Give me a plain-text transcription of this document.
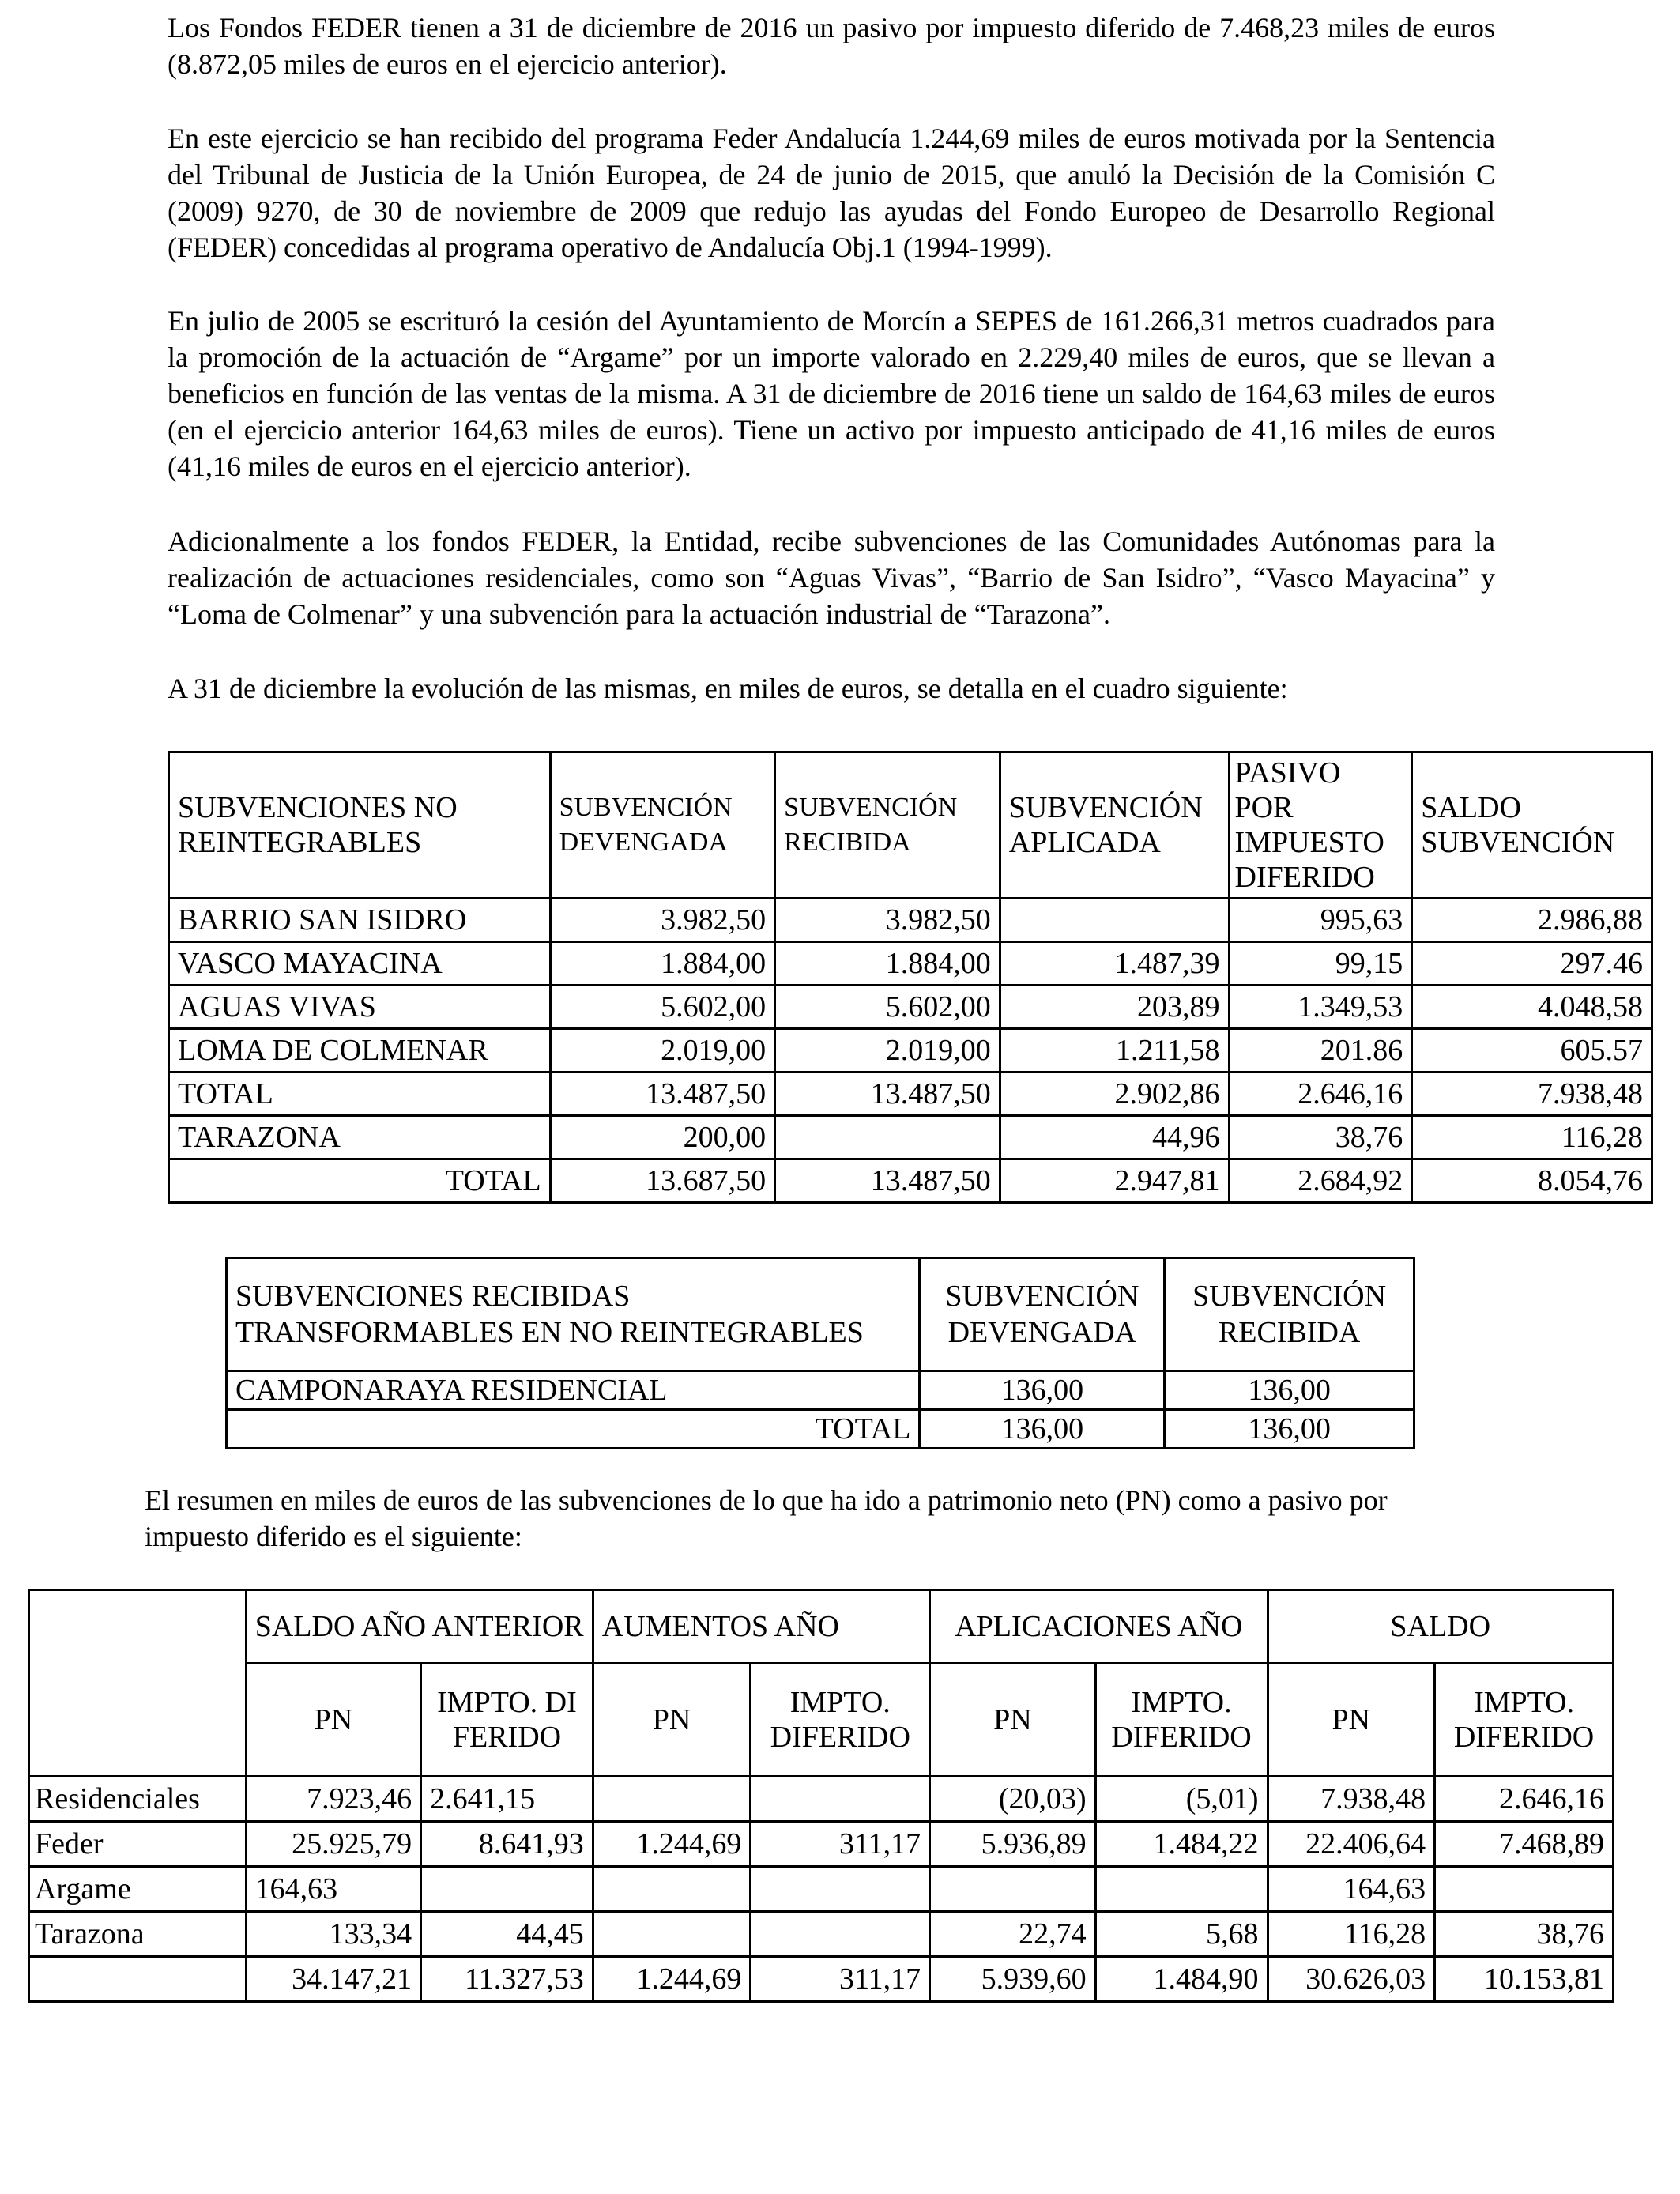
Los Fondos FEDER tienen a 31 de diciembre de 2016 un pasivo por impuesto diferido de 7.468,23 miles de euros (8.872,05 miles de euros en el ejercicio anterior).

En este ejercicio se han recibido del programa Feder Andalucía 1.244,69 miles de euros motivada por la Sentencia del Tribunal de Justicia de la Unión Europea, de 24 de junio de 2015, que anuló la Decisión de la Comisión C (2009) 9270, de 30 de noviembre de 2009 que redujo las ayudas del Fondo Europeo de Desarrollo Regional (FEDER) concedidas al programa operativo de Andalucía Obj.1 (1994-1999).

En julio de 2005 se escrituró la cesión del Ayuntamiento de Morcín a SEPES de 161.266,31 metros cuadrados para la promoción de la actuación de “Argame” por un importe valorado en 2.229,40 miles de euros, que se llevan a beneficios en función de las ventas de la misma. A 31 de diciembre de 2016 tiene un saldo de 164,63 miles de euros (en el ejercicio anterior 164,63 miles de euros). Tiene un activo por impuesto anticipado de 41,16 miles de euros (41,16 miles de euros en el ejercicio anterior).

Adicionalmente a los fondos FEDER, la Entidad, recibe subvenciones de las Comunidades Autónomas para la realización de actuaciones residenciales, como son “Aguas Vivas”, “Barrio de San Isidro”, “Vasco Mayacina” y “Loma de Colmenar” y una subvención para la actuación industrial de “Tarazona”.

A 31 de diciembre la evolución de las mismas, en miles de euros, se detalla en el cuadro siguiente:

SUBVENCIONES NO REINTEGRABLES	SUBVENCIÓN DEVENGADA	SUBVENCIÓN RECIBIDA	SUBVENCIÓN APLICADA	PASIVO POR IMPUESTO DIFERIDO	SALDO SUBVENCIÓN
BARRIO SAN ISIDRO	3.982,50	3.982,50		995,63	2.986,88
VASCO MAYACINA	1.884,00	1.884,00	1.487,39	99,15	297.46
AGUAS VIVAS	5.602,00	5.602,00	203,89	1.349,53	4.048,58
LOMA DE COLMENAR	2.019,00	2.019,00	1.211,58	201.86	605.57
TOTAL	13.487,50	13.487,50	2.902,86	2.646,16	7.938,48
TARAZONA	200,00		44,96	38,76	116,28
TOTAL	13.687,50	13.487,50	2.947,81	2.684,92	8.054,76
SUBVENCIONES RECIBIDAS TRANSFORMABLES EN NO REINTEGRABLES	SUBVENCIÓN DEVENGADA	SUBVENCIÓN RECIBIDA
CAMPONARAYA RESIDENCIAL	136,00	136,00
TOTAL	136,00	136,00

El resumen en miles de euros de las subvenciones de lo que ha ido a patrimonio neto (PN) como a pasivo por impuesto diferido es el siguiente:

	SALDO AÑO ANTERIOR		AUMENTOS AÑO		APLICACIONES AÑO		SALDO	
	PN	IMPTO. DIFERIDO	PN	IMPTO. DIFERIDO	PN	IMPTO. DIFERIDO	PN	IMPTO. DIFERIDO
Residenciales	7.923,46	2.641,15			(20,03)	(5,01)	7.938,48	2.646,16
Feder	25.925,79	8.641,93	1.244,69	311,17	5.936,89	1.484,22	22.406,64	7.468,89
Argame	164,63						164,63	
Tarazona	133,34	44,45			22,74	5,68	116,28	38,76
	34.147,21	11.327,53	1.244,69	311,17	5.939,60	1.484,90	30.626,03	10.153,81
